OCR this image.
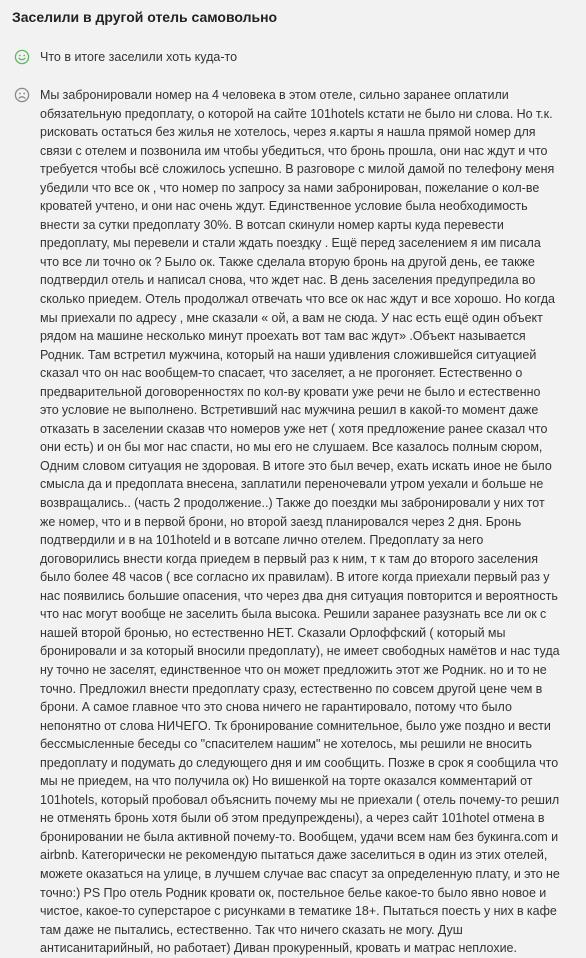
Заселили в другой отель самовольно
Что в итоге заселили хоть куда-то
Мы забронировали номер на 4 человека в этом отеле, сильно заранее оплатили обязательную предоплату, о которой на сайте 101hotels кстати не было ни слова. Но т.к. рисковать остаться без жилья не хотелось, через я.карты я нашла прямой номер для связи с отелем и позвонила им чтобы убедиться, что бронь прошла, они нас ждут и что требуется чтобы всё сложилось успешно. В разговоре с милой дамой по телефону меня убедили что все ок , что номер по запросу за нами забронирован, пожелание о кол-ве кроватей учтено, и они нас очень ждут. Единственное условие была необходимость внести за сутки предоплату 30%. В вотсап скинули номер карты куда перевести предоплату, мы перевели и стали ждать поездку . Ещё перед заселением я им писала что все ли точно ок ? Было ок. Также сделала вторую бронь на другой день, ее также подтвердил отель и написал снова, что ждет нас. В день заселения предупредила во сколько приедем. Отель продолжал отвечать что все ок нас ждут и все хорошо. Но когда мы приехали по адресу , мне сказали « ой, а вам не сюда. У нас есть ещё один объект рядом на машине несколько минут проехать вот там вас ждут» .Объект называется Родник. Там встретил мужчина, который на наши удивления сложившейся ситуацией сказал что он нас вообщем-то спасает, что заселяет, а не прогоняет. Естественно о предварительной договоренностях по кол-ву кровати уже речи не было и естественно это условие не выполнено. Встретивший нас мужчина решил в какой-то момент даже отказать в заселении сказав что номеров уже нет ( хотя предложение ранее сказал что они есть) и он бы мог нас спасти, но мы его не слушаем. Все казалось полным сюром, Одним словом ситуация не здоровая. В итоге это был вечер, ехать искать иное не было смысла да и предоплата внесена, заплатили переночевали утром уехали и больше не возвращались.. (часть 2 продолжение..) Также до поездки мы забронировали у них тот же номер, что и в первой брони, но второй заезд планировался через 2 дня. Бронь подтвердили и в на 101hoteld и в вотсапе лично отелем. Предоплату за него договорились внести когда приедем в первый раз к ним, т к там до второго заселения было более 48 часов ( все согласно их правилам). В итоге когда приехали первый раз у нас появились большие опасения, что через два дня ситуация повторится и вероятность что нас могут вообще не заселить была высока. Решили заранее разузнать все ли ок с нашей второй бронью, но естественно НЕТ. Сказали Орлоффский ( который мы бронировали и за который вносили предоплату), не имеет свободных намётов и нас туда ну точно не заселят, единственное что он может предложить этот же Родник. но и то не точно. Предложил внести предоплату сразу, естественно по совсем другой цене чем в брони. А самое главное что это снова ничего не гарантировало, потому что было непонятно от слова НИЧЕГО. Тк бронирование сомнительное, было уже поздно и вести бессмысленные беседы со "спасителем нашим" не хотелось, мы решили не вносить предоплату и подумать до следующего дня и им сообщить. Позже в срок я сообщила что мы не приедем, на что получила ок) Но вишенкой на торте оказался комментарий от 101hotels, который пробовал объяснить почему мы не приехали ( отель почему-то решил не отменять бронь хотя были об этом предупреждены), а через сайт 101hotel отмена в бронировании не была активной почему-то. Вообщем, удачи всем нам без букинга.com и airbnb. Категорически не рекомендую пытаться даже заселиться в один из этих отелей, можете оказаться на улице, в лучшем случае вас спасут за определенную плату, и это не точно:) PS Про отель Родник кровати ок, постельное белье какое-то было явно новое и чистое, какое-то суперстарое с рисунками в тематике 18+. Пытаться поесть у них в кафе там даже не пытались, естественно. Так что ничего сказать не могу. Душ антисанитарийный, но работает) Диван прокуренный, кровать и матрас неплохие.
